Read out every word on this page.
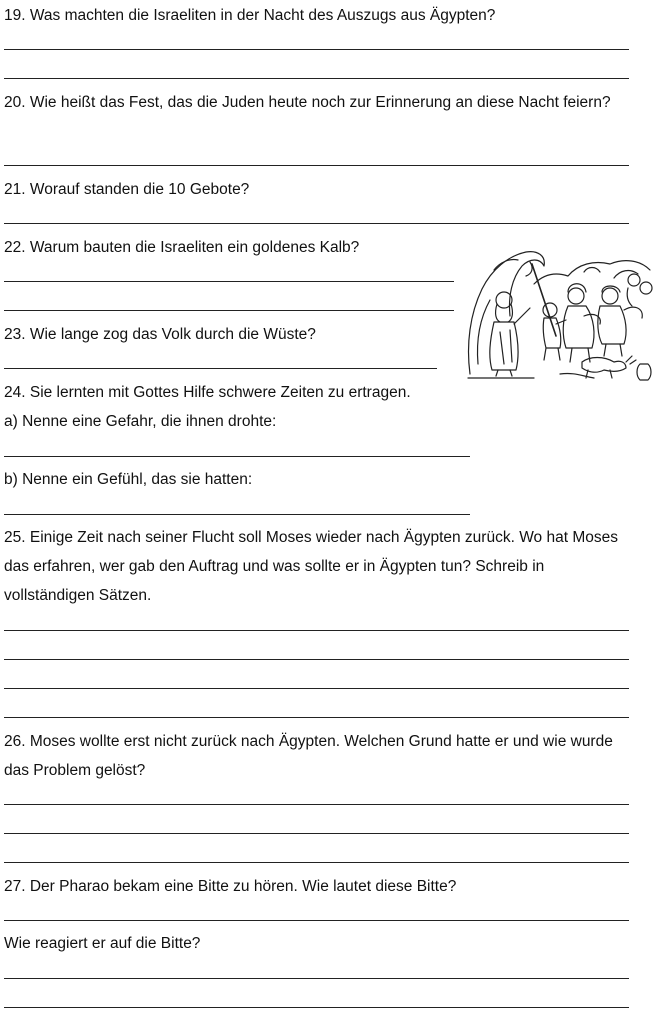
19. Was machten die Israeliten in der Nacht des Auszugs aus Ägypten?

20. Wie heißt das Fest, das die Juden heute noch zur Erinnerung an diese Nacht feiern?

21. Worauf standen die 10 Gebote?

22. Warum bauten die Israeliten ein goldenes Kalb?

23. Wie lange zog das Volk durch die Wüste?

24. Sie lernten mit Gottes Hilfe schwere Zeiten zu ertragen.

a) Nenne eine Gefahr, die ihnen drohte:

b) Nenne ein Gefühl, das sie hatten:

25. Einige Zeit nach seiner Flucht soll Moses wieder nach Ägypten zurück. Wo hat Moses das erfahren, wer gab den Auftrag und was sollte er in Ägypten tun? Schreib in vollständigen Sätzen.

26. Moses wollte erst nicht zurück nach Ägypten. Welchen Grund hatte er und wie wurde das Problem gelöst?

27. Der Pharao bekam eine Bitte zu hören. Wie lautet diese Bitte?

Wie reagiert er auf die Bitte?
